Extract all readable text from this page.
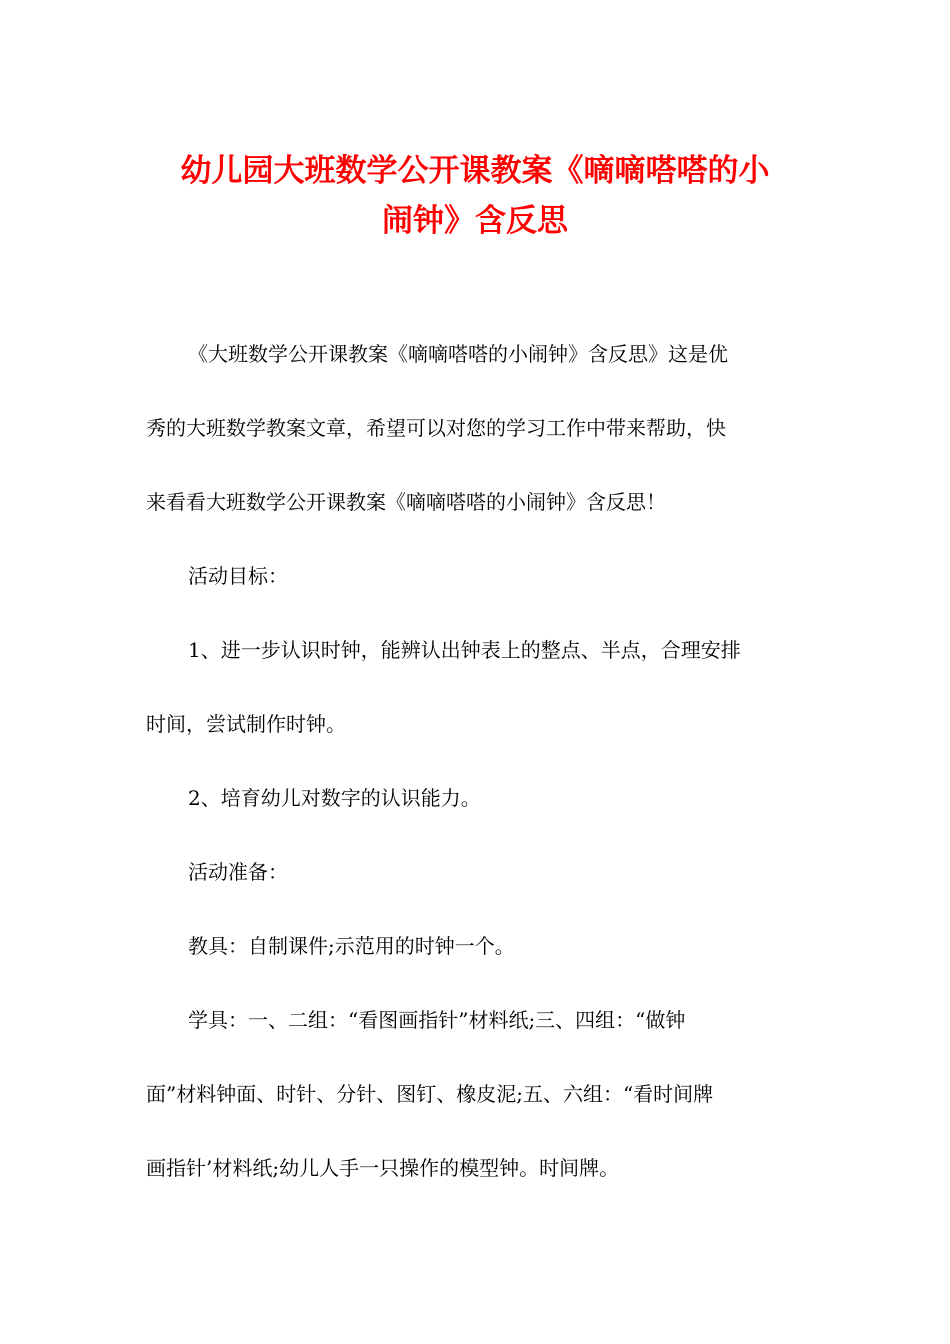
幼儿园大班数学公开课教案《嘀嘀嗒嗒的小
闹钟》含反思
《大班数学公开课教案《嘀嘀嗒嗒的小闹钟》含反思》这是优
秀的大班数学教案文章，希望可以对您的学习工作中带来帮助，快
来看看大班数学公开课教案《嘀嘀嗒嗒的小闹钟》含反思！
活动目标：
1、进一步认识时钟，能辨认出钟表上的整点、半点，合理安排
时间，尝试制作时钟。
2、培育幼儿对数字的认识能力。
活动准备：
教具：自制课件;示范用的时钟一个。
学具：一、二组：“看图画指针”材料纸;三、四组：“做钟
面”材料钟面、时针、分针、图钉、橡皮泥;五、六组：“看时间牌
画指针’材料纸;幼儿人手一只操作的模型钟。时间牌。
